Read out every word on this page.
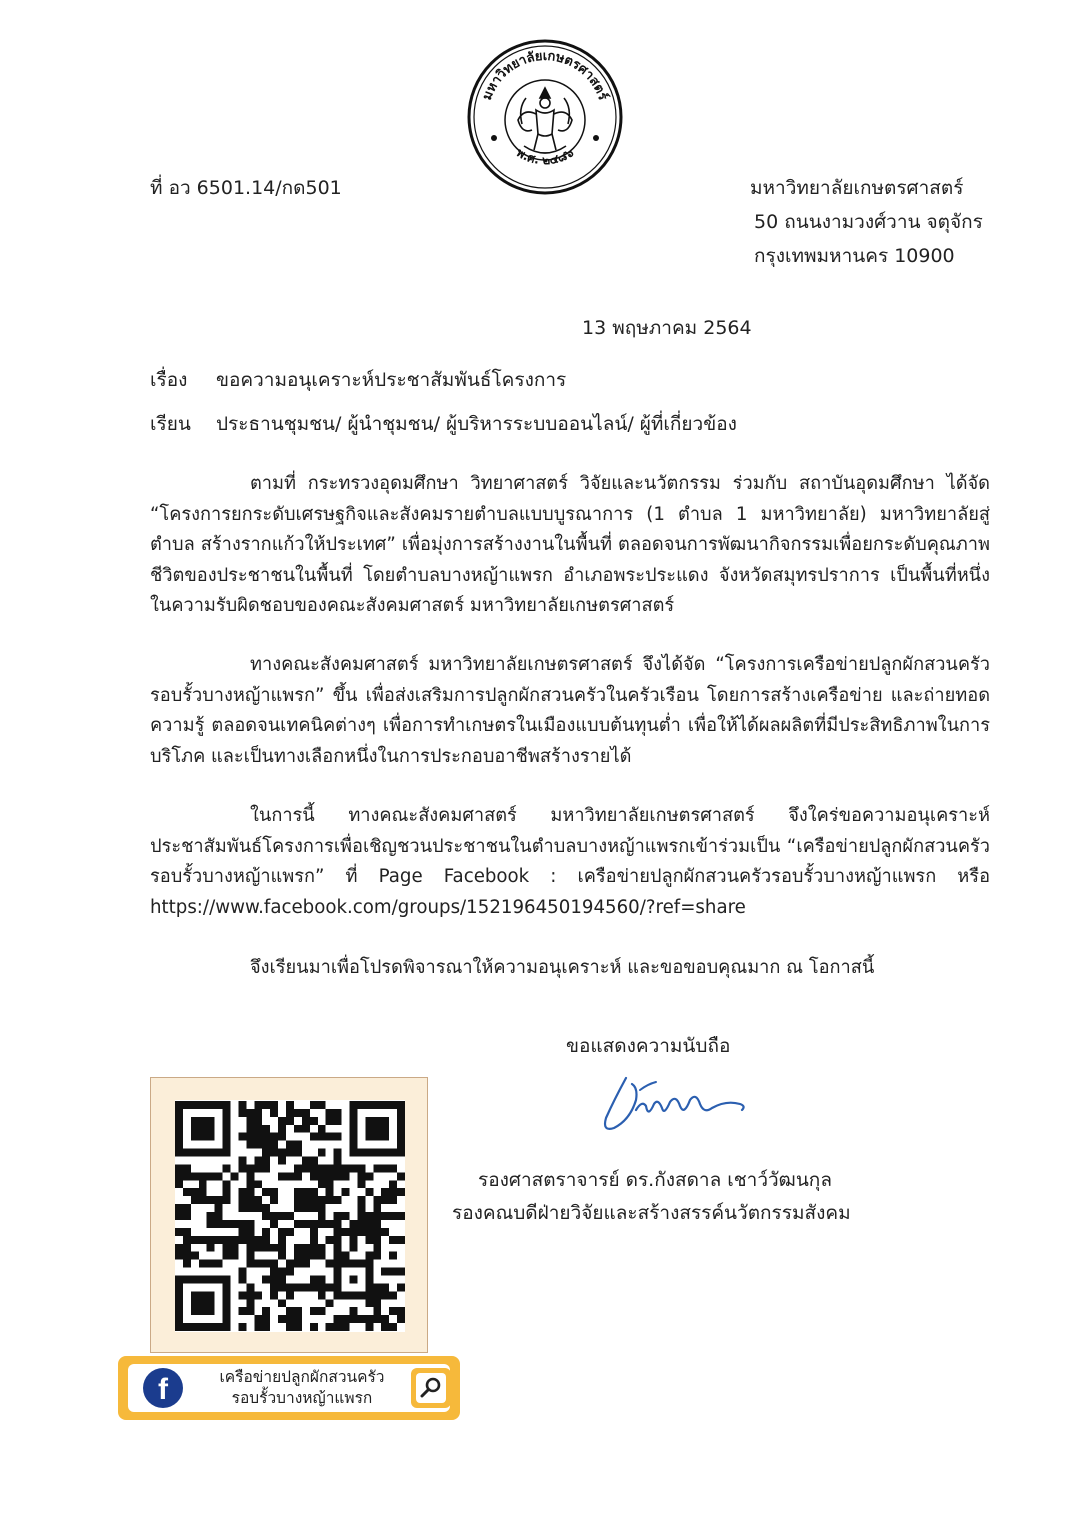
มหาวิทยาลัยเกษตรศาสตร์
พ.ศ. ๒๔๘๖
ที่ อว 6501.14/กด501	มหาวิทยาลัยเกษตรศาสตร์
50 ถนนงามวงศ์วาน จตุจักร
กรุงเทพมหานคร 10900
13 พฤษภาคม 2564
เรื่อง ขอความอนุเคราะห์ประชาสัมพันธ์โครงการ
เรียน ประธานชุมชน/ ผู้นำชุมชน/ ผู้บริหารระบบออนไลน์/ ผู้ที่เกี่ยวข้อง
ตามที่ กระทรวงอุดมศึกษา วิทยาศาสตร์ วิจัยและนวัตกรรม ร่วมกับ สถาบันอุดมศึกษา ได้จัด “โครงการยกระดับเศรษฐกิจและสังคมรายตำบลแบบบูรณาการ (1 ตำบล 1 มหาวิทยาลัย) มหาวิทยาลัยสู่ตำบล สร้างรากแก้วให้ประเทศ” เพื่อมุ่งการสร้างงานในพื้นที่ ตลอดจนการพัฒนากิจกรรมเพื่อยกระดับคุณภาพชีวิตของประชาชนในพื้นที่ โดยตำบลบางหญ้าแพรก อำเภอพระประแดง จังหวัดสมุทรปราการ เป็นพื้นที่หนึ่งในความรับผิดชอบของคณะสังคมศาสตร์ มหาวิทยาลัยเกษตรศาสตร์
ทางคณะสังคมศาสตร์ มหาวิทยาลัยเกษตรศาสตร์ จึงได้จัด “โครงการเครือข่ายปลูกผักสวนครัวรอบรั้วบางหญ้าแพรก” ขึ้น เพื่อส่งเสริมการปลูกผักสวนครัวในครัวเรือน โดยการสร้างเครือข่าย และถ่ายทอดความรู้ ตลอดจนเทคนิคต่างๆ เพื่อการทำเกษตรในเมืองแบบต้นทุนต่ำ เพื่อให้ได้ผลผลิตที่มีประสิทธิภาพในการบริโภค และเป็นทางเลือกหนึ่งในการประกอบอาชีพสร้างรายได้
ในการนี้ ทางคณะสังคมศาสตร์ มหาวิทยาลัยเกษตรศาสตร์ จึงใคร่ขอความอนุเคราะห์ประชาสัมพันธ์โครงการเพื่อเชิญชวนประชาชนในตำบลบางหญ้าแพรกเข้าร่วมเป็น “เครือข่ายปลูกผักสวนครัวรอบรั้วบางหญ้าแพรก” ที่ Page Facebook : เครือข่ายปลูกผักสวนครัวรอบรั้วบางหญ้าแพรก หรือ https://www.facebook.com/groups/152196450194560/?ref=share
จึงเรียนมาเพื่อโปรดพิจารณาให้ความอนุเคราะห์ และขอขอบคุณมาก ณ โอกาสนี้
ขอแสดงความนับถือ
รองศาสตราจารย์ ดร.กังสดาล เชาว์วัฒนกุล
รองคณบดีฝ่ายวิจัยและสร้างสรรค์นวัตกรรมสังคม
f	เครือข่ายปลูกผักสวนครัว
รอบรั้วบางหญ้าแพรก
